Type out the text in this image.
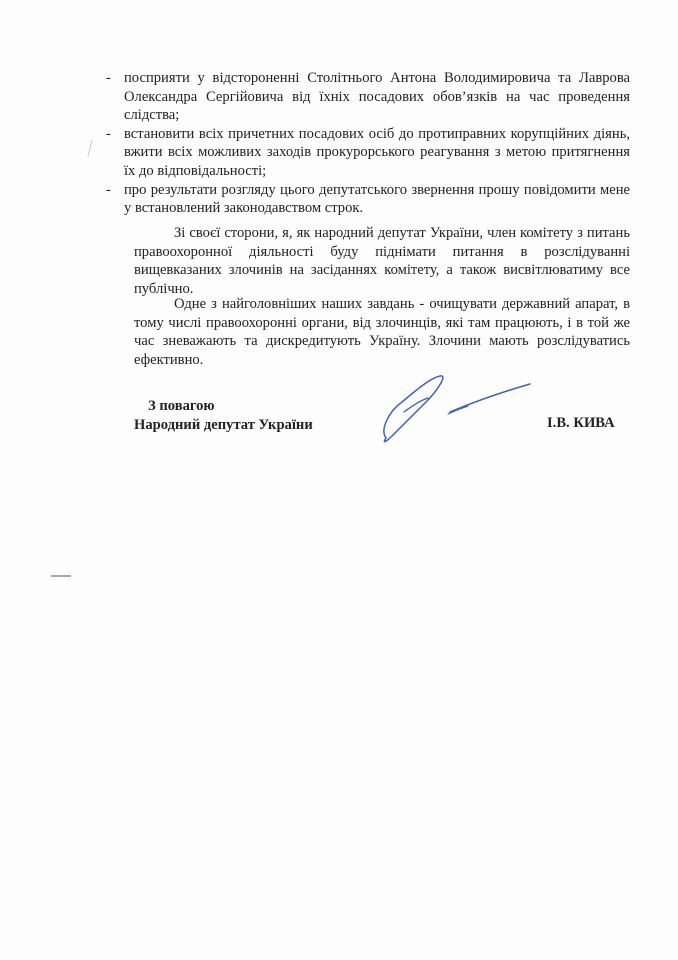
- посприяти у відстороненні Столітнього Антона Володимировича та Лаврова Олександра Сергійовича від їхніх посадових обов’язків на час проведення слідства;
- встановити всіх причетних посадових осіб до протиправних корупційних діянь, вжити всіх можливих заходів прокурорського реагування з метою притягнення їх до відповідальності;
- про результати розгляду цього депутатського звернення прошу повідомити мене у встановлений законодавством строк.

Зі своєї сторони, я, як народний депутат України, член комітету з питань правоохоронної діяльності буду піднімати питання в розслідуванні вищевказаних злочинів на засіданнях комітету, а також висвітлюватиму все публічно.

Одне з найголовніших наших завдань - очищувати державний апарат, в тому числі правоохоронні органи, від злочинців, які там працюють, і в той же час зневажають та дискредитують Україну. Злочини мають розслідуватись ефективно.

З повагою
Народний депутат України	І.В. КИВА
